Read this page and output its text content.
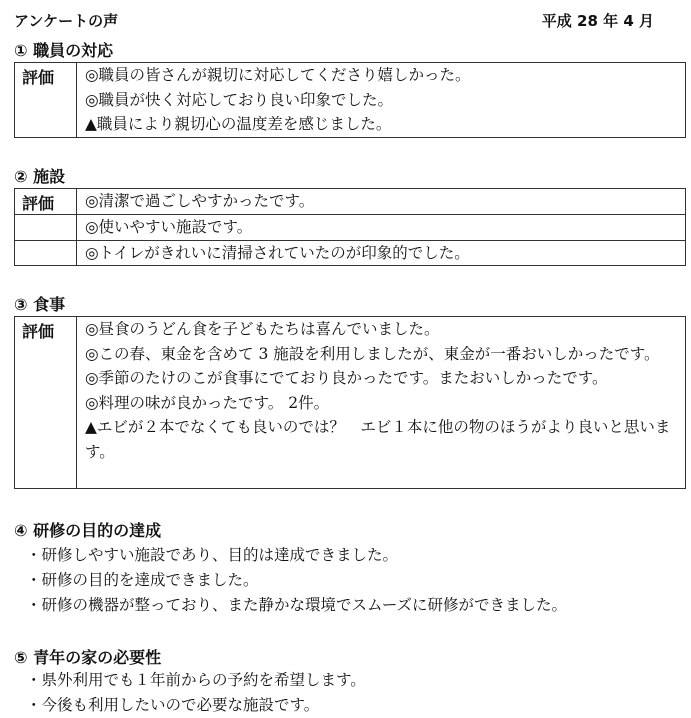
アンケートの声	平成 28 年 4 月
① 職員の対応
評価	◎職員の皆さんが親切に対応してくださり嬉しかった。
◎職員が快く対応しており良い印象でした。
▲職員により親切心の温度差を感じました。
② 施設
評価	◎清潔で過ごしやすかったです。

	◎使いやすい施設です。

	◎トイレがきれいに清掃されていたのが印象的でした。
③ 食事
評価	◎昼食のうどん食を子どもたちは喜んでいました。
◎この春、東金を含めて 3 施設を利用しましたが、東金が一番おいしかったです。
◎季節のたけのこが食事にでており良かったです。またおいしかったです。
◎料理の味が良かったです。 2件。
▲エビが２本でなくても良いのでは？　エビ１本に他の物のほうがより良いと思います。
④ 研修の目的の達成
・研修しやすい施設であり、目的は達成できました。
・研修の目的を達成できました。
・研修の機器が整っており、また静かな環境でスムーズに研修ができました。
⑤ 青年の家の必要性
・県外利用でも１年前からの予約を希望します。
・今後も利用したいので必要な施設です。
